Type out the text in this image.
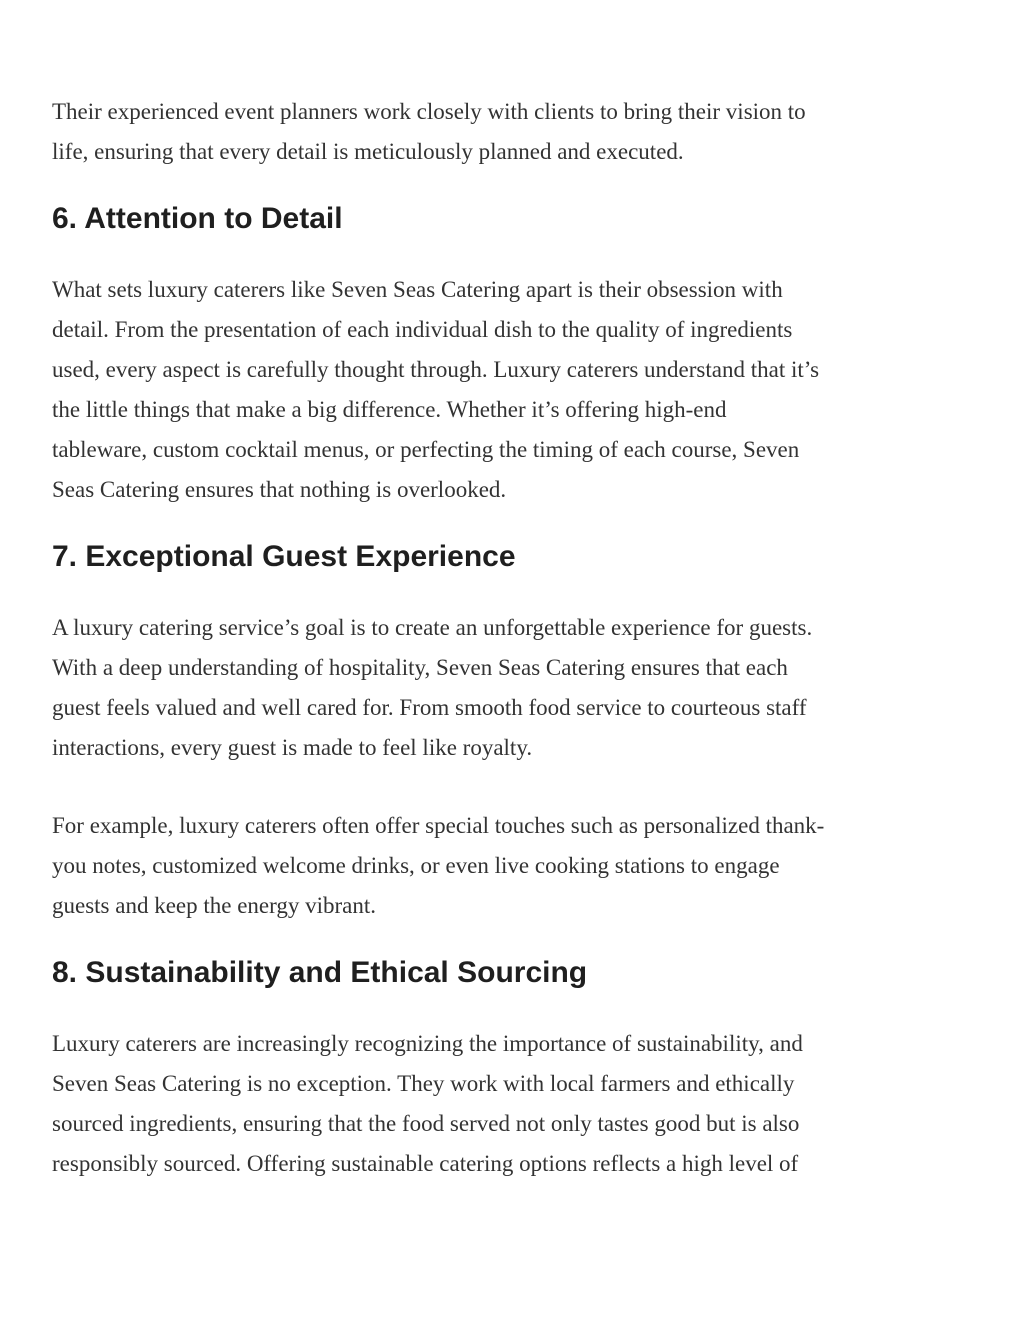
Their experienced event planners work closely with clients to bring their vision to
life, ensuring that every detail is meticulously planned and executed.

6. Attention to Detail

What sets luxury caterers like Seven Seas Catering apart is their obsession with
detail. From the presentation of each individual dish to the quality of ingredients
used, every aspect is carefully thought through. Luxury caterers understand that it’s
the little things that make a big difference. Whether it’s offering high-end
tableware, custom cocktail menus, or perfecting the timing of each course, Seven
Seas Catering ensures that nothing is overlooked.

7. Exceptional Guest Experience

A luxury catering service’s goal is to create an unforgettable experience for guests.
With a deep understanding of hospitality, Seven Seas Catering ensures that each
guest feels valued and well cared for. From smooth food service to courteous staff
interactions, every guest is made to feel like royalty.

For example, luxury caterers often offer special touches such as personalized thank-
you notes, customized welcome drinks, or even live cooking stations to engage
guests and keep the energy vibrant.

8. Sustainability and Ethical Sourcing

Luxury caterers are increasingly recognizing the importance of sustainability, and
Seven Seas Catering is no exception. They work with local farmers and ethically
sourced ingredients, ensuring that the food served not only tastes good but is also
responsibly sourced. Offering sustainable catering options reflects a high level of
